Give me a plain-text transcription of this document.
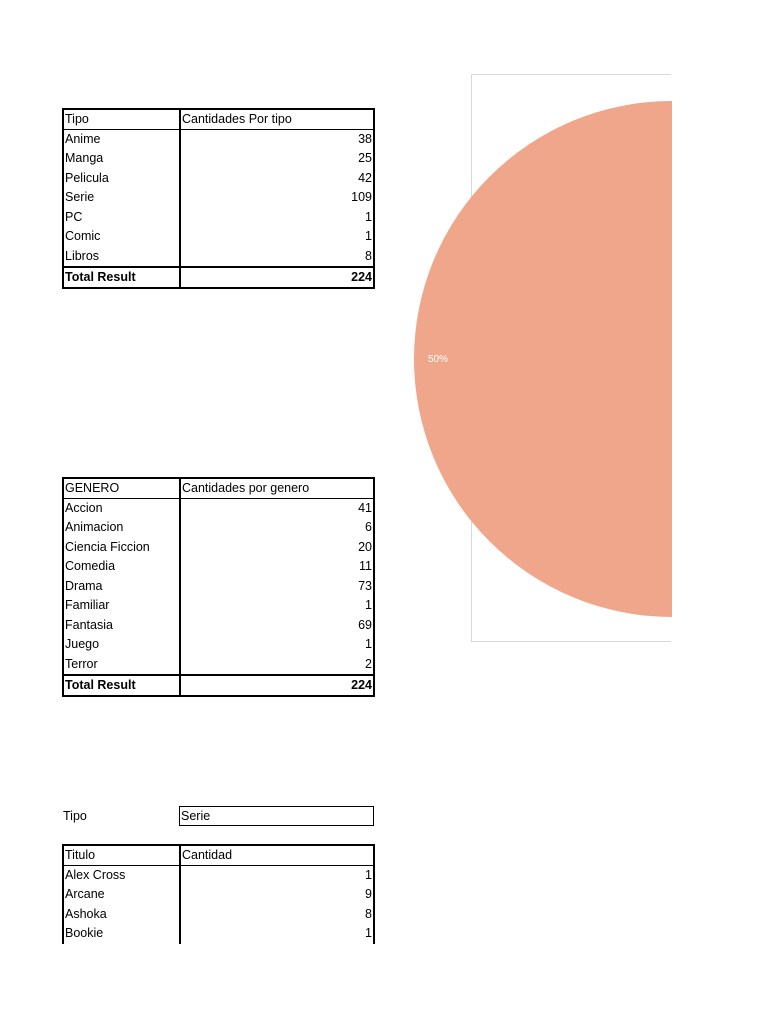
Tipo	Cantidades Por tipo
Anime	38
Manga	25
Pelicula	42
Serie	109
PC	1
Comic	1
Libros	8
Total Result	224
GENERO	Cantidades por genero
Accion	41
Animacion	6
Ciencia Ficcion	20
Comedia	11
Drama	73
Familiar	1
Fantasia	69
Juego	1
Terror	2
Total Result	224
Tipo	Serie
Titulo	Cantidad
Alex Cross	1
Arcane	9
Ashoka	8
Bookie	1
50%
